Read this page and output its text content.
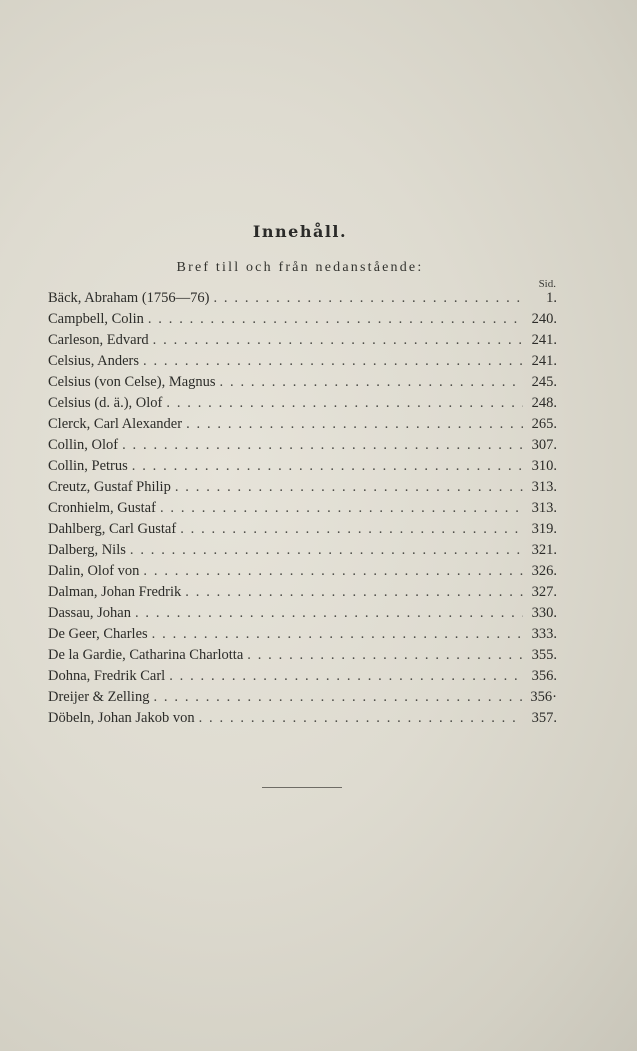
Innehåll.
Bref till och från nedanstående:
Sid.
Bäck, Abraham (1756—76) . . .	1.
Campbell, Colin . . .	240.
Carleson, Edvard . . .	241.
Celsius, Anders . . .	241.
Celsius (von Celse), Magnus . . .	245.
Celsius (d. ä.), Olof . . .	248.
Clerck, Carl Alexander . . .	265.
Collin, Olof . . .	307.
Collin, Petrus . . .	310.
Creutz, Gustaf Philip . . .	313.
Cronhielm, Gustaf . . .	313.
Dahlberg, Carl Gustaf . . .	319.
Dalberg, Nils . . .	321.
Dalin, Olof von . . .	326.
Dalman, Johan Fredrik . . .	327.
Dassau, Johan . . .	330.
De Geer, Charles . . .	333.
De la Gardie, Catharina Charlotta . . .	355.
Dohna, Fredrik Carl . . .	356.
Dreijer & Zelling . . .	356·
Döbeln, Johan Jakob von . . .	357.
